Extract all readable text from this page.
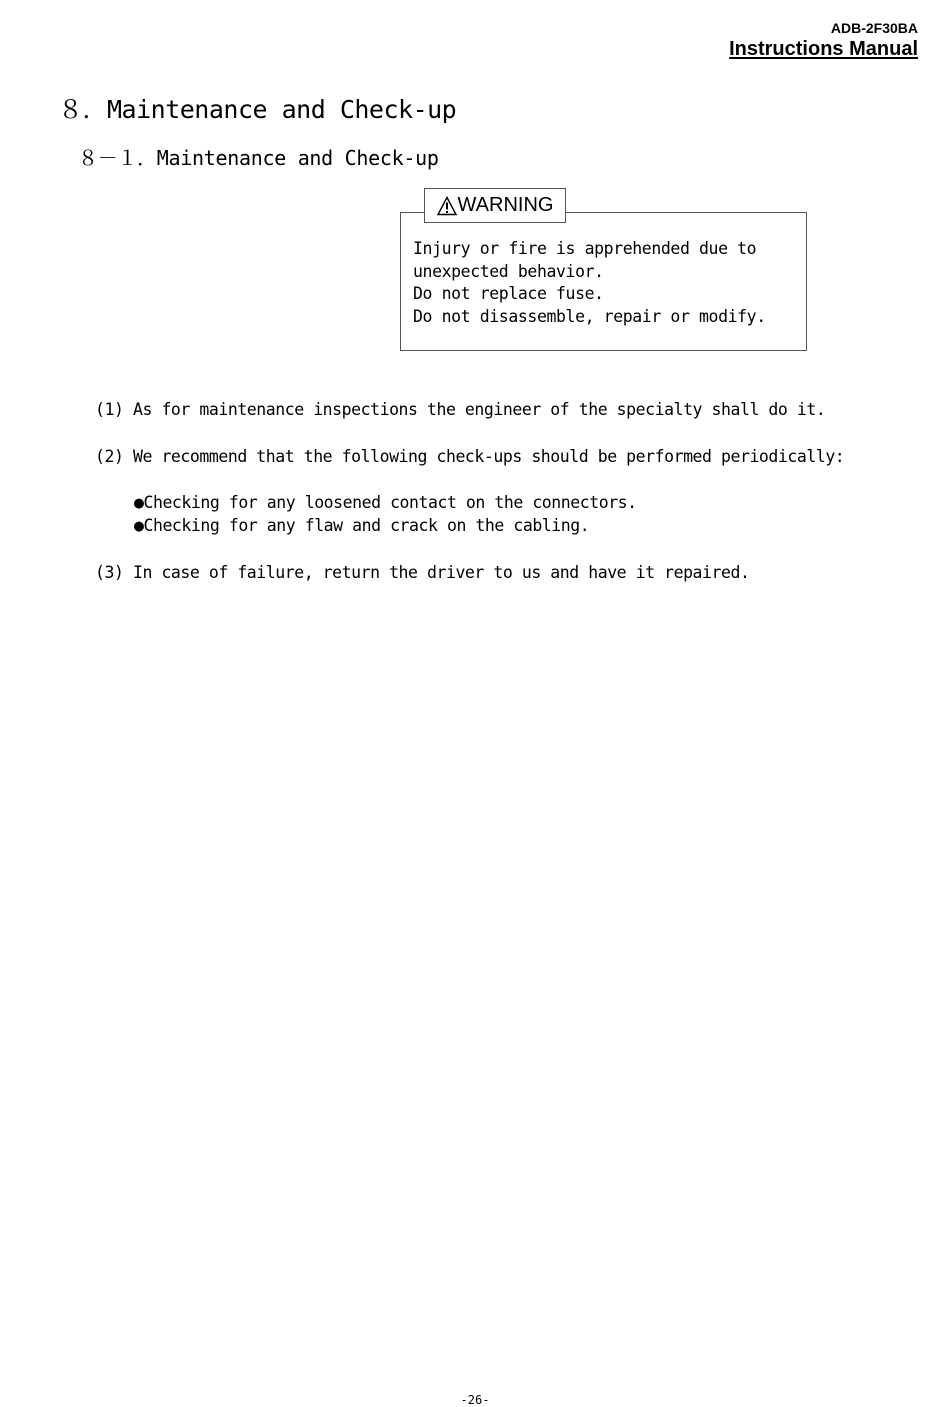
ADB-2F30BA
Instructions Manual
８．Maintenance and Check-up
８－１．Maintenance and Check-up
WARNING
Injury or fire is apprehended due to
unexpected behavior.
Do not replace fuse.
Do not disassemble, repair or modify.
(1) As for maintenance inspections the engineer of the specialty shall do it.
(2) We recommend that the following check-ups should be performed periodically:
●Checking for any loosened contact on the connectors.
●Checking for any flaw and crack on the cabling.
(3) In case of failure, return the driver to us and have it repaired.
-26-
